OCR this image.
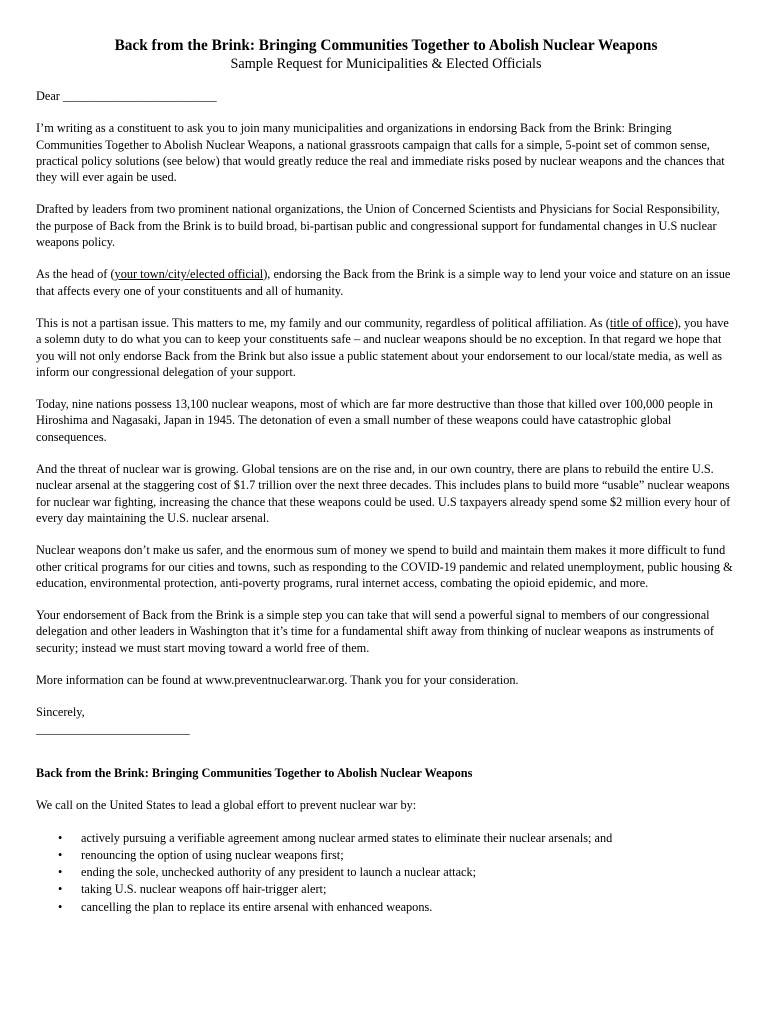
Back from the Brink: Bringing Communities Together to Abolish Nuclear Weapons
Sample Request for Municipalities & Elected Officials

Dear _________________________

I’m writing as a constituent to ask you to join many municipalities and organizations in endorsing Back from the Brink: Bringing Communities Together to Abolish Nuclear Weapons, a national grassroots campaign that calls for a simple, 5-point set of common sense, practical policy solutions (see below) that would greatly reduce the real and immediate risks posed by nuclear weapons and the chances that they will ever again be used.

Drafted by leaders from two prominent national organizations, the Union of Concerned Scientists and Physicians for Social Responsibility, the purpose of Back from the Brink is to build broad, bi-partisan public and congressional support for fundamental changes in U.S nuclear weapons policy.

As the head of (your town/city/elected official), endorsing the Back from the Brink is a simple way to lend your voice and stature on an issue that affects every one of your constituents and all of humanity.

This is not a partisan issue. This matters to me, my family and our community, regardless of political affiliation. As (title of office), you have a solemn duty to do what you can to keep your constituents safe – and nuclear weapons should be no exception. In that regard we hope that you will not only endorse Back from the Brink but also issue a public statement about your endorsement to our local/state media, as well as inform our congressional delegation of your support.

Today, nine nations possess 13,100 nuclear weapons, most of which are far more destructive than those that killed over 100,000 people in Hiroshima and Nagasaki, Japan in 1945. The detonation of even a small number of these weapons could have catastrophic global consequences.

And the threat of nuclear war is growing. Global tensions are on the rise and, in our own country, there are plans to rebuild the entire U.S. nuclear arsenal at the staggering cost of $1.7 trillion over the next three decades. This includes plans to build more “usable” nuclear weapons for nuclear war fighting, increasing the chance that these weapons could be used. U.S taxpayers already spend some $2 million every hour of every day maintaining the U.S. nuclear arsenal.

Nuclear weapons don’t make us safer, and the enormous sum of money we spend to build and maintain them makes it more difficult to fund other critical programs for our cities and towns, such as responding to the COVID-19 pandemic and related unemployment, public housing & education, environmental protection, anti-poverty programs, rural internet access, combating the opioid epidemic, and more.

Your endorsement of Back from the Brink is a simple step you can take that will send a powerful signal to members of our congressional delegation and other leaders in Washington that it’s time for a fundamental shift away from thinking of nuclear weapons as instruments of security; instead we must start moving toward a world free of them.

More information can be found at www.preventnuclearwar.org. Thank you for your consideration.

Sincerely,

_________________________

Back from the Brink: Bringing Communities Together to Abolish Nuclear Weapons

We call on the United States to lead a global effort to prevent nuclear war by:

• actively pursuing a verifiable agreement among nuclear armed states to eliminate their nuclear arsenals; and
• renouncing the option of using nuclear weapons first;
• ending the sole, unchecked authority of any president to launch a nuclear attack;
• taking U.S. nuclear weapons off hair-trigger alert;
• cancelling the plan to replace its entire arsenal with enhanced weapons.
